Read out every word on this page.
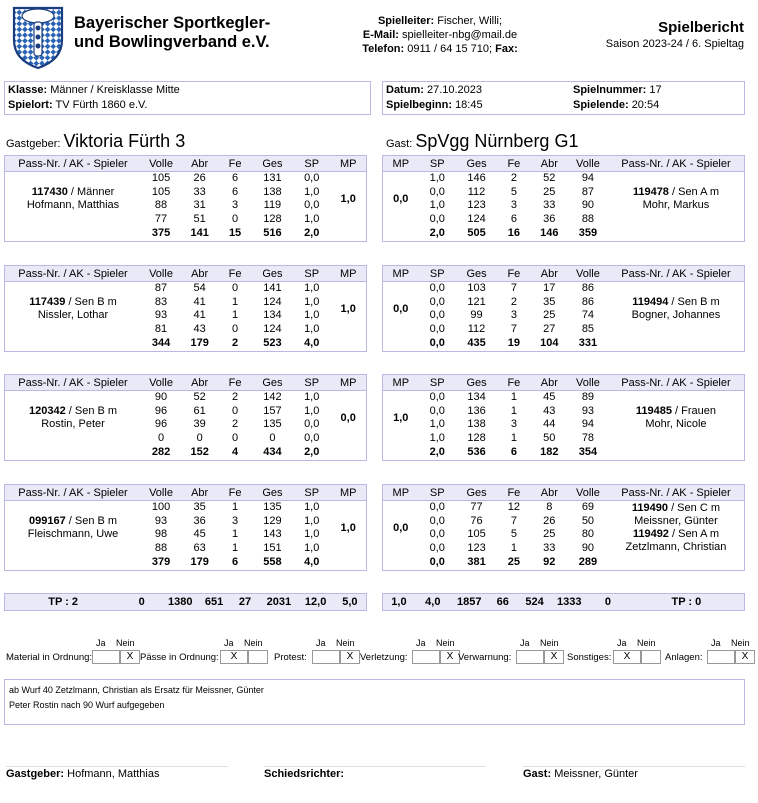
Bayerischer Sportkegler-
und Bowlingverband e.V.
Spielleiter: Fischer, Willi;
E-Mail: spielleiter-nbg@mail.de
Telefon: 0911 / 64 15 710; Fax:
Spielbericht
Saison 2023-24 / 6. Spieltag
Klasse: Männer / Kreisklasse Mitte
Spielort: TV Fürth 1860 e.V.
Datum: 27.10.2023
Spielbeginn: 18:45
Spielnummer: 17
Spielende: 20:54
Gastgeber: Viktoria Fürth 3	Gast: SpVgg Nürnberg G1
Pass-Nr. / AK - Spieler	Volle	Abr	Fe	Ges	SP	MP

117430 / Männer
Hofmann, Matthias	105	26	6	131	0,0	1,0
	105	33	6	138	1,0	
	88	31	3	119	0,0	
	77	51	0	128	1,0	
	375	141	15	516	2,0	
MP	SP	Ges	Fe	Abr	Volle	Pass-Nr. / AK - Spieler
0,0	1,0	146	2	52	94	119478 / Sen A m
Mohr, Markus

	0,0	112	5	25	87	
	1,0	123	3	33	90	
	0,0	124	6	36	88	
	2,0	505	16	146	359	
Pass-Nr. / AK - Spieler	Volle	Abr	Fe	Ges	SP	MP

117439 / Sen B m
Nissler, Lothar	87	54	0	141	1,0	1,0
	83	41	1	124	1,0	
	93	41	1	134	1,0	
	81	43	0	124	1,0	
	344	179	2	523	4,0	
MP	SP	Ges	Fe	Abr	Volle	Pass-Nr. / AK - Spieler
0,0	0,0	103	7	17	86	119494 / Sen B m
Bogner, Johannes

	0,0	121	2	35	86	
	0,0	99	3	25	74	
	0,0	112	7	27	85	
	0,0	435	19	104	331	
Pass-Nr. / AK - Spieler	Volle	Abr	Fe	Ges	SP	MP

120342 / Sen B m
Rostin, Peter	90	52	2	142	1,0	0,0
	96	61	0	157	1,0	
	96	39	2	135	0,0	
	0	0	0	0	0,0	
	282	152	4	434	2,0	
MP	SP	Ges	Fe	Abr	Volle	Pass-Nr. / AK - Spieler
1,0	0,0	134	1	45	89	119485 / Frauen
Mohr, Nicole

	0,0	136	1	43	93	
	1,0	138	3	44	94	
	1,0	128	1	50	78	
	2,0	536	6	182	354	
Pass-Nr. / AK - Spieler	Volle	Abr	Fe	Ges	SP	MP

099167 / Sen B m
Fleischmann, Uwe	100	35	1	135	1,0	1,0
	93	36	3	129	1,0	
	98	45	1	143	1,0	
	88	63	1	151	1,0	
	379	179	6	558	4,0	
MP	SP	Ges	Fe	Abr	Volle	Pass-Nr. / AK - Spieler
0,0	0,0	77	12	8	69	119490 / Sen C m
Meissner, Günter
119492 / Sen A m
Zetzlmann, Christian

	0,0	76	7	26	50	
	0,0	105	5	25	80	
	0,0	123	1	33	90	
	0,0	381	25	92	289	
TP : 2	0	1380	651	27	2031	12,0	5,0	1,0	4,0	1857	66	524	1333	0	TP : 0
Ja Nein
Material in Ordnung:	X
Ja Nein
Pässe in Ordnung:	X
Ja Nein
Protest:	X
Ja Nein
Verletzung:	X
Ja Nein
Verwarnung:	X
Ja Nein
Sonstiges:	X
Ja Nein
Anlagen:	X
ab Wurf 40 Zetzlmann, Christian als Ersatz für Meissner, Günter
Peter Rostin nach 90 Wurf aufgegeben
Gastgeber: Hofmann, Matthias	Schiedsrichter:	Gast: Meissner, Günter
